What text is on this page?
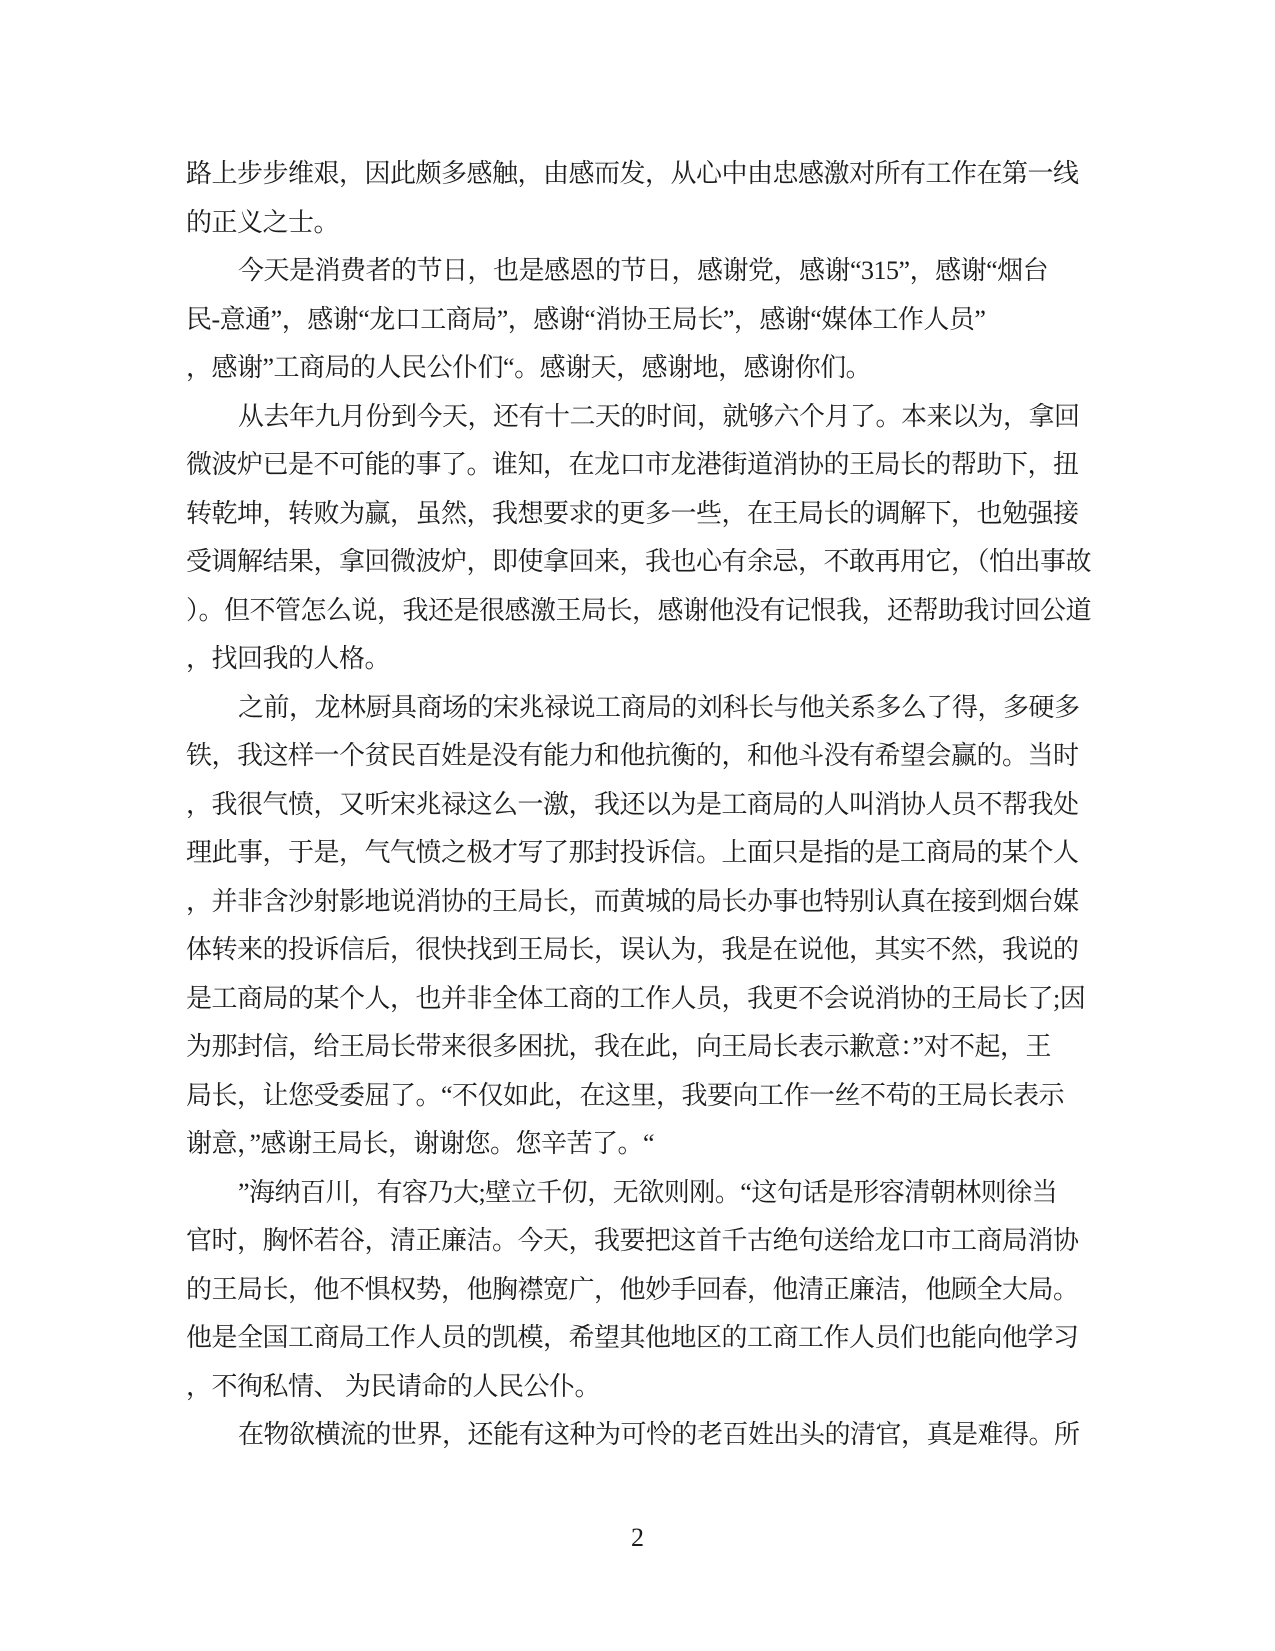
路上步步维艰，因此颇多感触，由感而发，从心中由忠感激对所有工作在第一线
的正义之士。
今天是消费者的节日，也是感恩的节日，感谢党，感谢“315”，感谢“烟台
民-意通”，感谢“龙口工商局”，感谢“消协王局长”，感谢“媒体工作人员”
，感谢”工商局的人民公仆们“。感谢天，感谢地，感谢你们。
从去年九月份到今天，还有十二天的时间，就够六个月了。本来以为，拿回
微波炉已是不可能的事了。谁知，在龙口市龙港街道消协的王局长的帮助下，扭
转乾坤，转败为赢，虽然，我想要求的更多一些，在王局长的调解下，也勉强接
受调解结果，拿回微波炉，即使拿回来，我也心有余忌，不敢再用它，（怕出事故
）。但不管怎么说，我还是很感激王局长，感谢他没有记恨我，还帮助我讨回公道
，找回我的人格。
之前，龙林厨具商场的宋兆禄说工商局的刘科长与他关系多么了得，多硬多
铁，我这样一个贫民百姓是没有能力和他抗衡的，和他斗没有希望会赢的。当时
，我很气愤，又听宋兆禄这么一激，我还以为是工商局的人叫消协人员不帮我处
理此事，于是，气气愤之极才写了那封投诉信。上面只是指的是工商局的某个人
，并非含沙射影地说消协的王局长，而黄城的局长办事也特别认真在接到烟台媒
体转来的投诉信后，很快找到王局长，误认为，我是在说他，其实不然，我说的
是工商局的某个人，也并非全体工商的工作人员，我更不会说消协的王局长了;因
为那封信，给王局长带来很多困扰，我在此，向王局长表示歉意：”对不起，王
局长，让您受委屈了。“不仅如此，在这里，我要向工作一丝不苟的王局长表示
谢意，”感谢王局长，谢谢您。您辛苦了。“
”海纳百川，有容乃大;壁立千仞，无欲则刚。“这句话是形容清朝林则徐当
官时，胸怀若谷，清正廉洁。今天，我要把这首千古绝句送给龙口市工商局消协
的王局长，他不惧权势，他胸襟宽广，他妙手回春，他清正廉洁，他顾全大局。
他是全国工商局工作人员的凯模，希望其他地区的工商工作人员们也能向他学习
，不徇私情、 为民请命的人民公仆。
在物欲横流的世界，还能有这种为可怜的老百姓出头的清官，真是难得。所
2
